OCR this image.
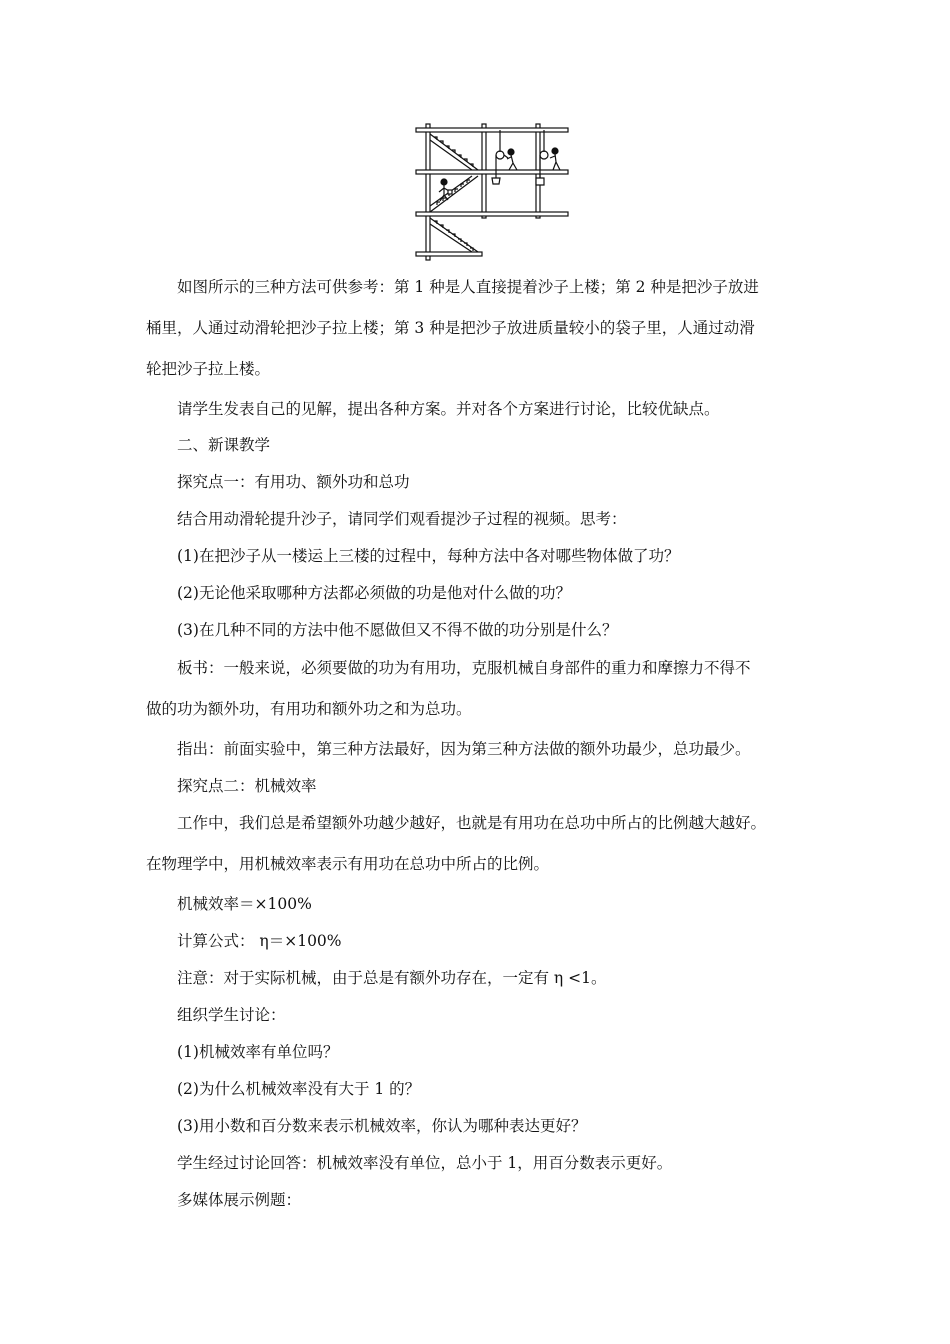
如图所示的三种方法可供参考：第 1 种是人直接提着沙子上楼；第 2 种是把沙子放进
桶里，人通过动滑轮把沙子拉上楼；第 3 种是把沙子放进质量较小的袋子里，人通过动滑
轮把沙子拉上楼。
请学生发表自己的见解，提出各种方案。并对各个方案进行讨论，比较优缺点。
二、新课教学
探究点一：有用功、额外功和总功
结合用动滑轮提升沙子，请同学们观看提沙子过程的视频。思考：
(1)在把沙子从一楼运上三楼的过程中，每种方法中各对哪些物体做了功？
(2)无论他采取哪种方法都必须做的功是他对什么做的功？
(3)在几种不同的方法中他不愿做但又不得不做的功分别是什么？
板书：一般来说，必须要做的功为有用功，克服机械自身部件的重力和摩擦力不得不
做的功为额外功，有用功和额外功之和为总功。
指出：前面实验中，第三种方法最好，因为第三种方法做的额外功最少，总功最少。
探究点二：机械效率
工作中，我们总是希望额外功越少越好，也就是有用功在总功中所占的比例越大越好。
在物理学中，用机械效率表示有用功在总功中所占的比例。
机械效率＝×100%
计算公式： η＝×100%
注意：对于实际机械，由于总是有额外功存在，一定有 η <1。
组织学生讨论：
(1)机械效率有单位吗？
(2)为什么机械效率没有大于 1 的？
(3)用小数和百分数来表示机械效率，你认为哪种表达更好？
学生经过讨论回答：机械效率没有单位，总小于 1，用百分数表示更好。
多媒体展示例题：
